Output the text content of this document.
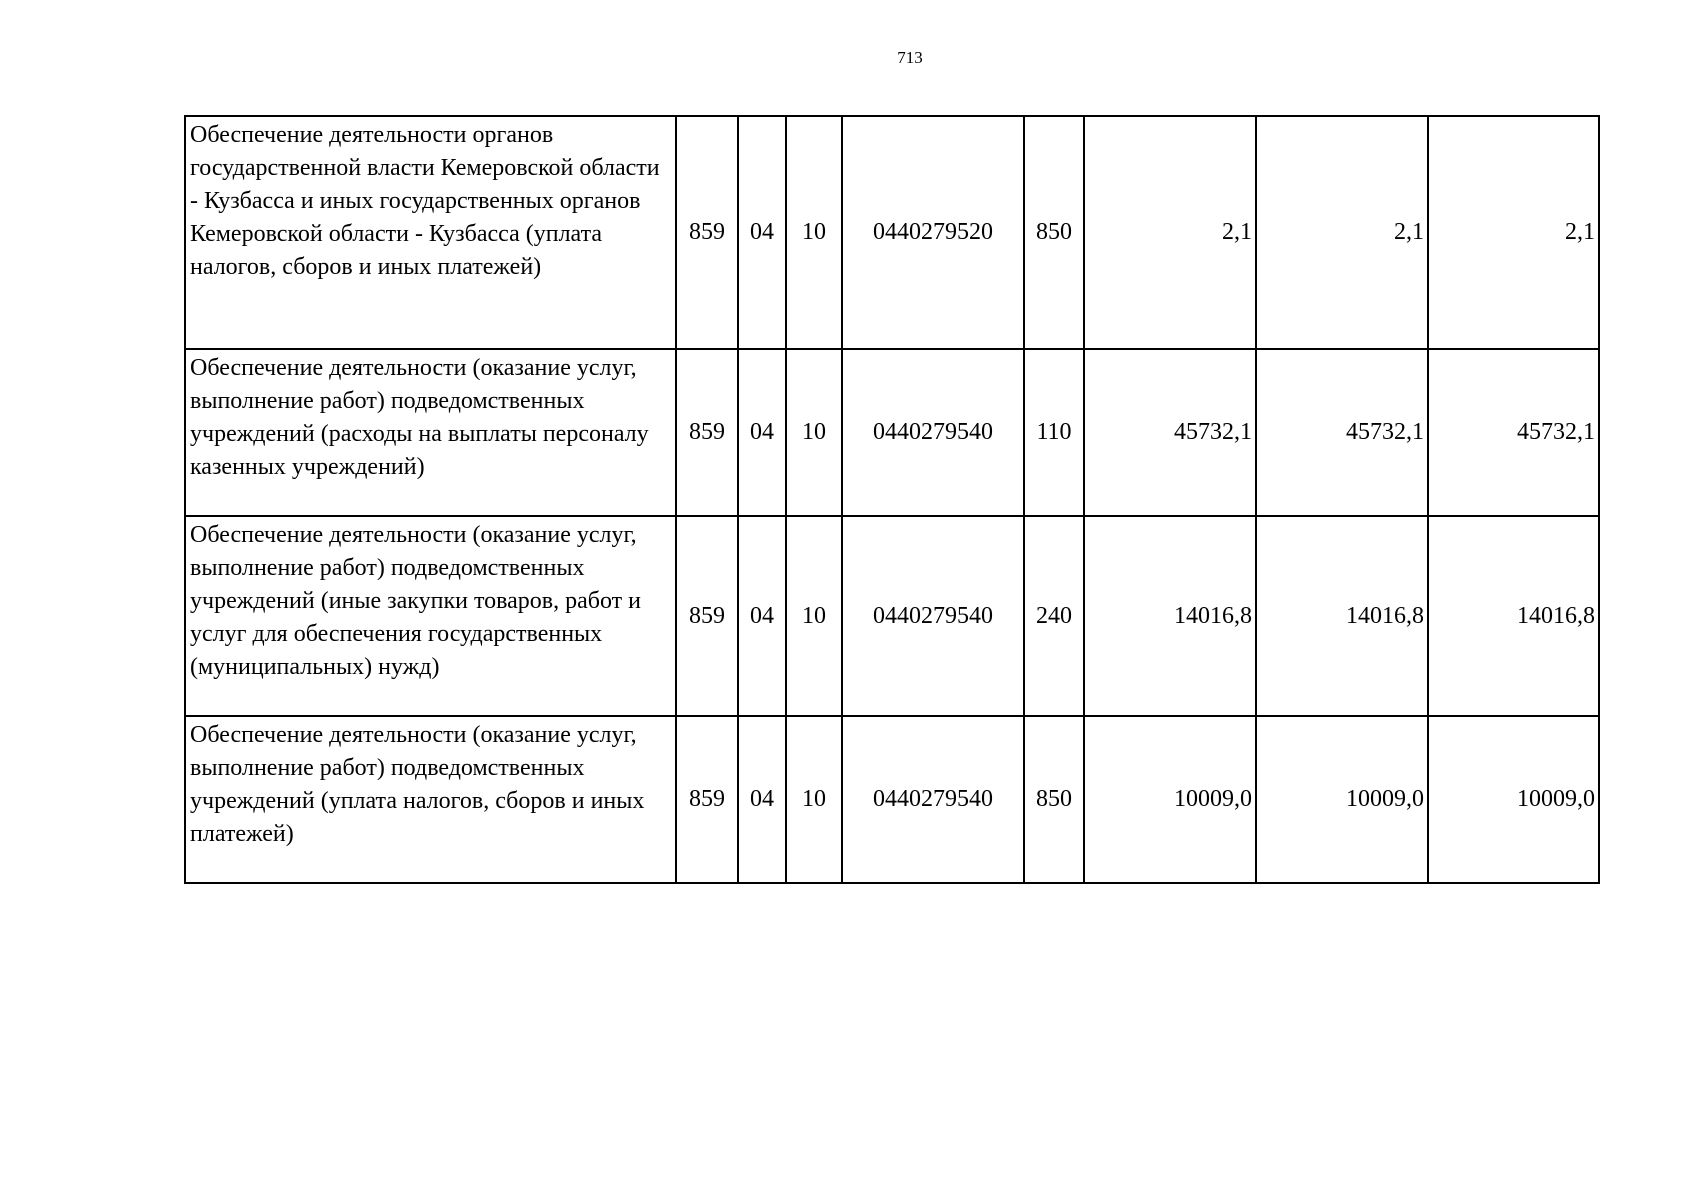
713
Обеспечение деятельности органов государственной власти Кемеровской области - Кузбасса и иных государственных органов Кемеровской области - Кузбасса (уплата налогов, сборов и иных платежей)	859	04	10	0440279520	850	2,1	2,1	2,1
Обеспечение деятельности (оказание услуг, выполнение работ) подведомственных учреждений (расходы на выплаты персоналу казенных учреждений)	859	04	10	0440279540	110	45732,1	45732,1	45732,1
Обеспечение деятельности (оказание услуг, выполнение работ) подведомственных учреждений (иные закупки товаров, работ и услуг для обеспечения государственных (муниципальных) нужд)	859	04	10	0440279540	240	14016,8	14016,8	14016,8
Обеспечение деятельности (оказание услуг, выполнение работ) подведомственных учреждений (уплата налогов, сборов и иных платежей)	859	04	10	0440279540	850	10009,0	10009,0	10009,0
